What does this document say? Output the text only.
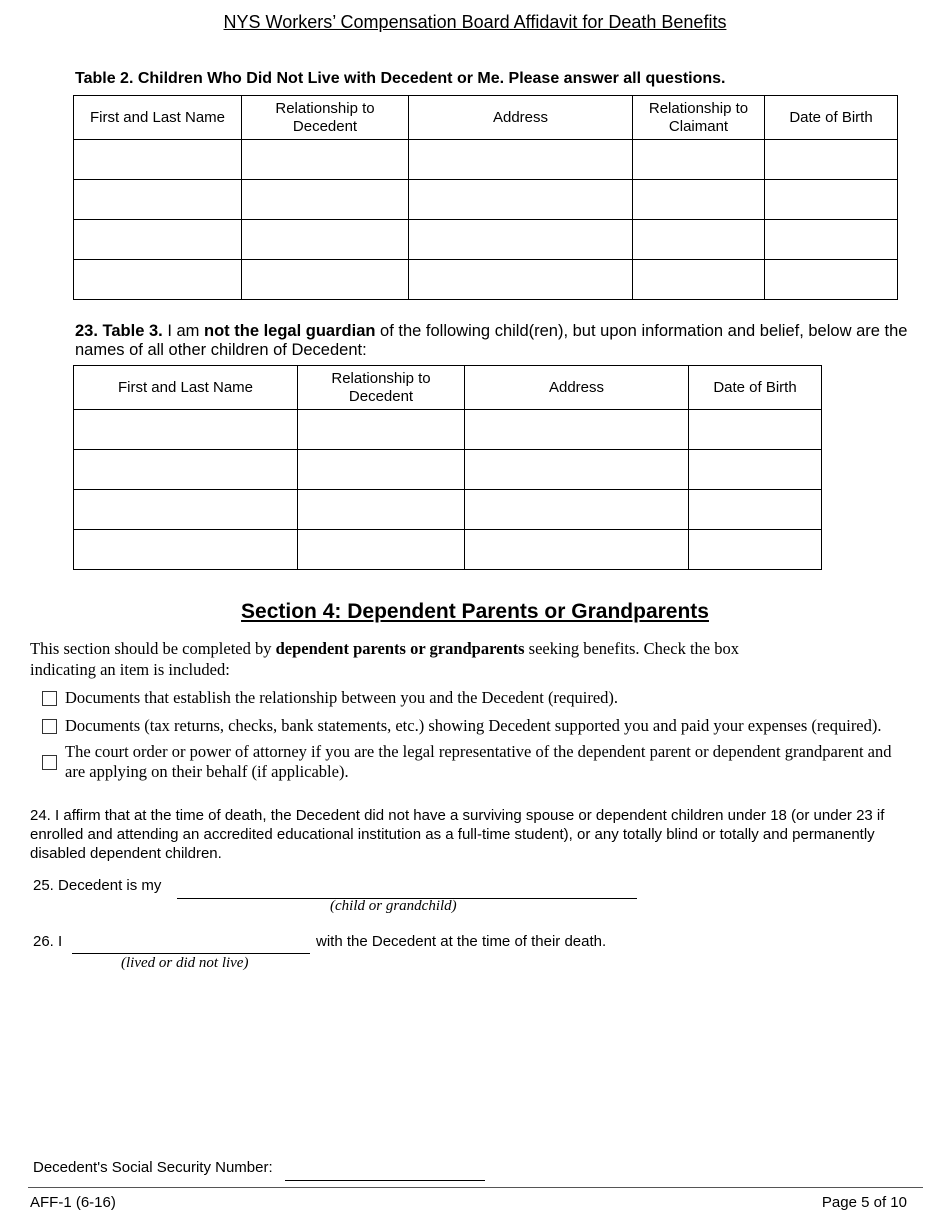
NYS Workers’ Compensation Board Affidavit for Death Benefits
Table 2. Children Who Did Not Live with Decedent or Me. Please answer all questions.
First and Last Name	Relationship to Decedent	Address	Relationship to Claimant	Date of Birth

23. Table 3. I am not the legal guardian of the following child(ren), but upon information and belief, below are the names of all other children of Decedent:
First and Last Name	Relationship to Decedent	Address	Date of Birth

Section 4: Dependent Parents or Grandparents
This section should be completed by dependent parents or grandparents seeking benefits. Check the box indicating an item is included:
Documents that establish the relationship between you and the Decedent (required).
Documents (tax returns, checks, bank statements, etc.) showing Decedent supported you and paid your expenses (required).
The court order or power of attorney if you are the legal representative of the dependent parent or dependent grandparent and are applying on their behalf (if applicable).
24. I affirm that at the time of death, the Decedent did not have a surviving spouse or dependent children under 18 (or under 23 if enrolled and attending an accredited educational institution as a full-time student), or any totally blind or totally and permanently disabled dependent children.
25. Decedent is my
(child or grandchild)
26. I	with the Decedent at the time of their death.
(lived or did not live)
Decedent's Social Security Number:
AFF-1 (6-16)	Page 5 of 10
